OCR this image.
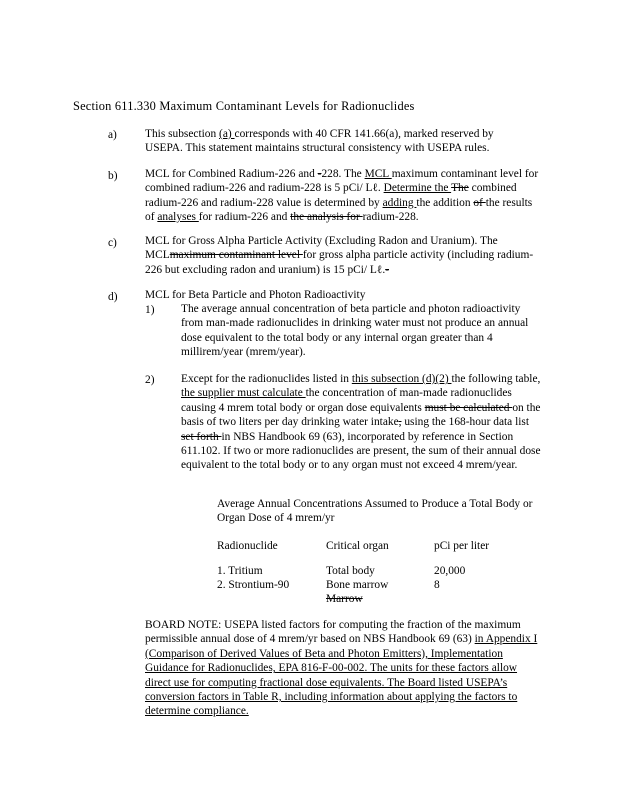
Section 611.330 Maximum Contaminant Levels for Radionuclides
a) This subsection (a) corresponds with 40 CFR 141.66(a), marked reserved by USEPA. This statement maintains structural consistency with USEPA rules.
b) MCL for Combined Radium-226 and -228. The MCL maximum contaminant level for combined radium-226 and radium-228 is 5 pCi/ Lℓ. Determine the The combined radium-226 and radium-228 value is determined by adding the addition of the results of analyses for radium-226 and the analysis for radium-228.
c) MCL for Gross Alpha Particle Activity (Excluding Radon and Uranium). The MCLmaximum contaminant level for gross alpha particle activity (including radium-226 but excluding radon and uranium) is 15 pCi/ Lℓ.-
d) MCL for Beta Particle and Photon Radioactivity
1) The average annual concentration of beta particle and photon radioactivity from man-made radionuclides in drinking water must not produce an annual dose equivalent to the total body or any internal organ greater than 4 millirem/year (mrem/year).
2) Except for the radionuclides listed in this subsection (d)(2) the following table, the supplier must calculate the concentration of man-made radionuclides causing 4 mrem total body or organ dose equivalents must be calculated on the basis of two liters per day drinking water intake, using the 168-hour data list set forth in NBS Handbook 69 (63), incorporated by reference in Section 611.102. If two or more radionuclides are present, the sum of their annual dose equivalent to the total body or to any organ must not exceed 4 mrem/year.
Average Annual Concentrations Assumed to Produce a Total Body or Organ Dose of 4 mrem/yr
Radionuclide	Critical organ	pCi per liter
1. Tritium	Total body	20,000
2. Strontium-90	Bone marrow	8
Marrow
BOARD NOTE: USEPA listed factors for computing the fraction of the maximum permissible annual dose of 4 mrem/yr based on NBS Handbook 69 (63) in Appendix I (Comparison of Derived Values of Beta and Photon Emitters), Implementation Guidance for Radionuclides, EPA 816-F-00-002. The units for these factors allow direct use for computing fractional dose equivalents. The Board listed USEPA’s conversion factors in Table R, including information about applying the factors to determine compliance.
